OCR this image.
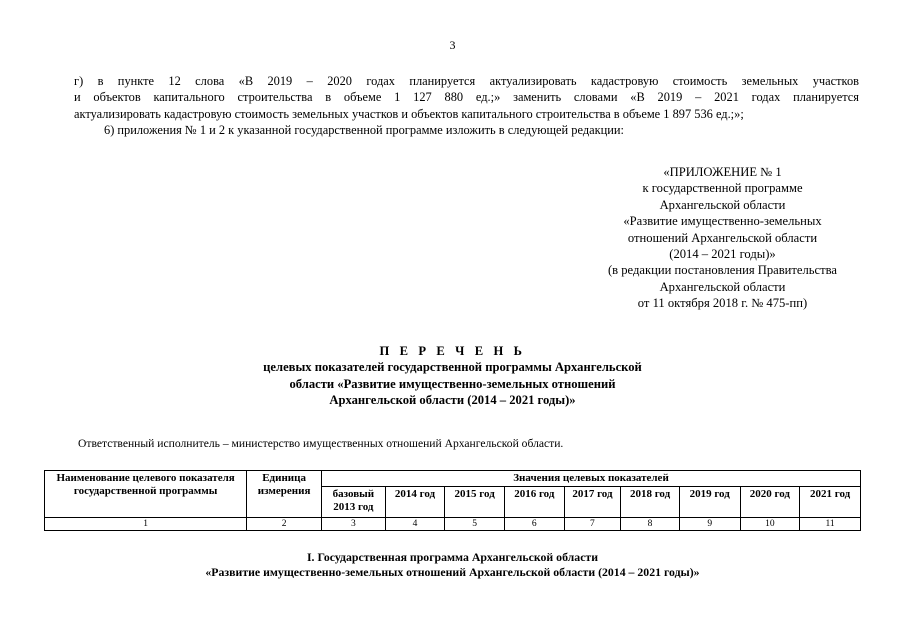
3
г) в пункте 12 слова «В 2019 – 2020 годах планируется актуализировать кадастровую стоимость земельных участков
и объектов капитального строительства в объеме 1 127 880 ед.;» заменить словами «В 2019 – 2021 годах планируется
актуализировать кадастровую стоимость земельных участков и объектов капитального строительства в объеме 1 897 536 ед.;»;
6) приложения № 1 и 2 к указанной государственной программе изложить в следующей редакции:
«ПРИЛОЖЕНИЕ № 1
к государственной программе
Архангельской области
«Развитие имущественно-земельных
отношений Архангельской области
(2014 – 2021 годы)»
(в редакции постановления Правительства
Архангельской области
от 11 октября 2018 г. № 475-пп)
П Е Р Е Ч Е Н Ь
целевых показателей государственной программы Архангельской
области «Развитие имущественно-земельных отношений
Архангельской области (2014 – 2021 годы)»
Ответственный исполнитель – министерство имущественных отношений Архангельской области.
Наименование целевого показателя государственной программы	Единица измерения	Значения целевых показателей								
		базовый 2013 год	2014 год	2015 год	2016 год	2017 год	2018 год	2019 год	2020 год	2021 год
1	2	3	4	5	6	7	8	9	10	11
I. Государственная программа Архангельской области
«Развитие имущественно-земельных отношений Архангельской области (2014 – 2021 годы)»
